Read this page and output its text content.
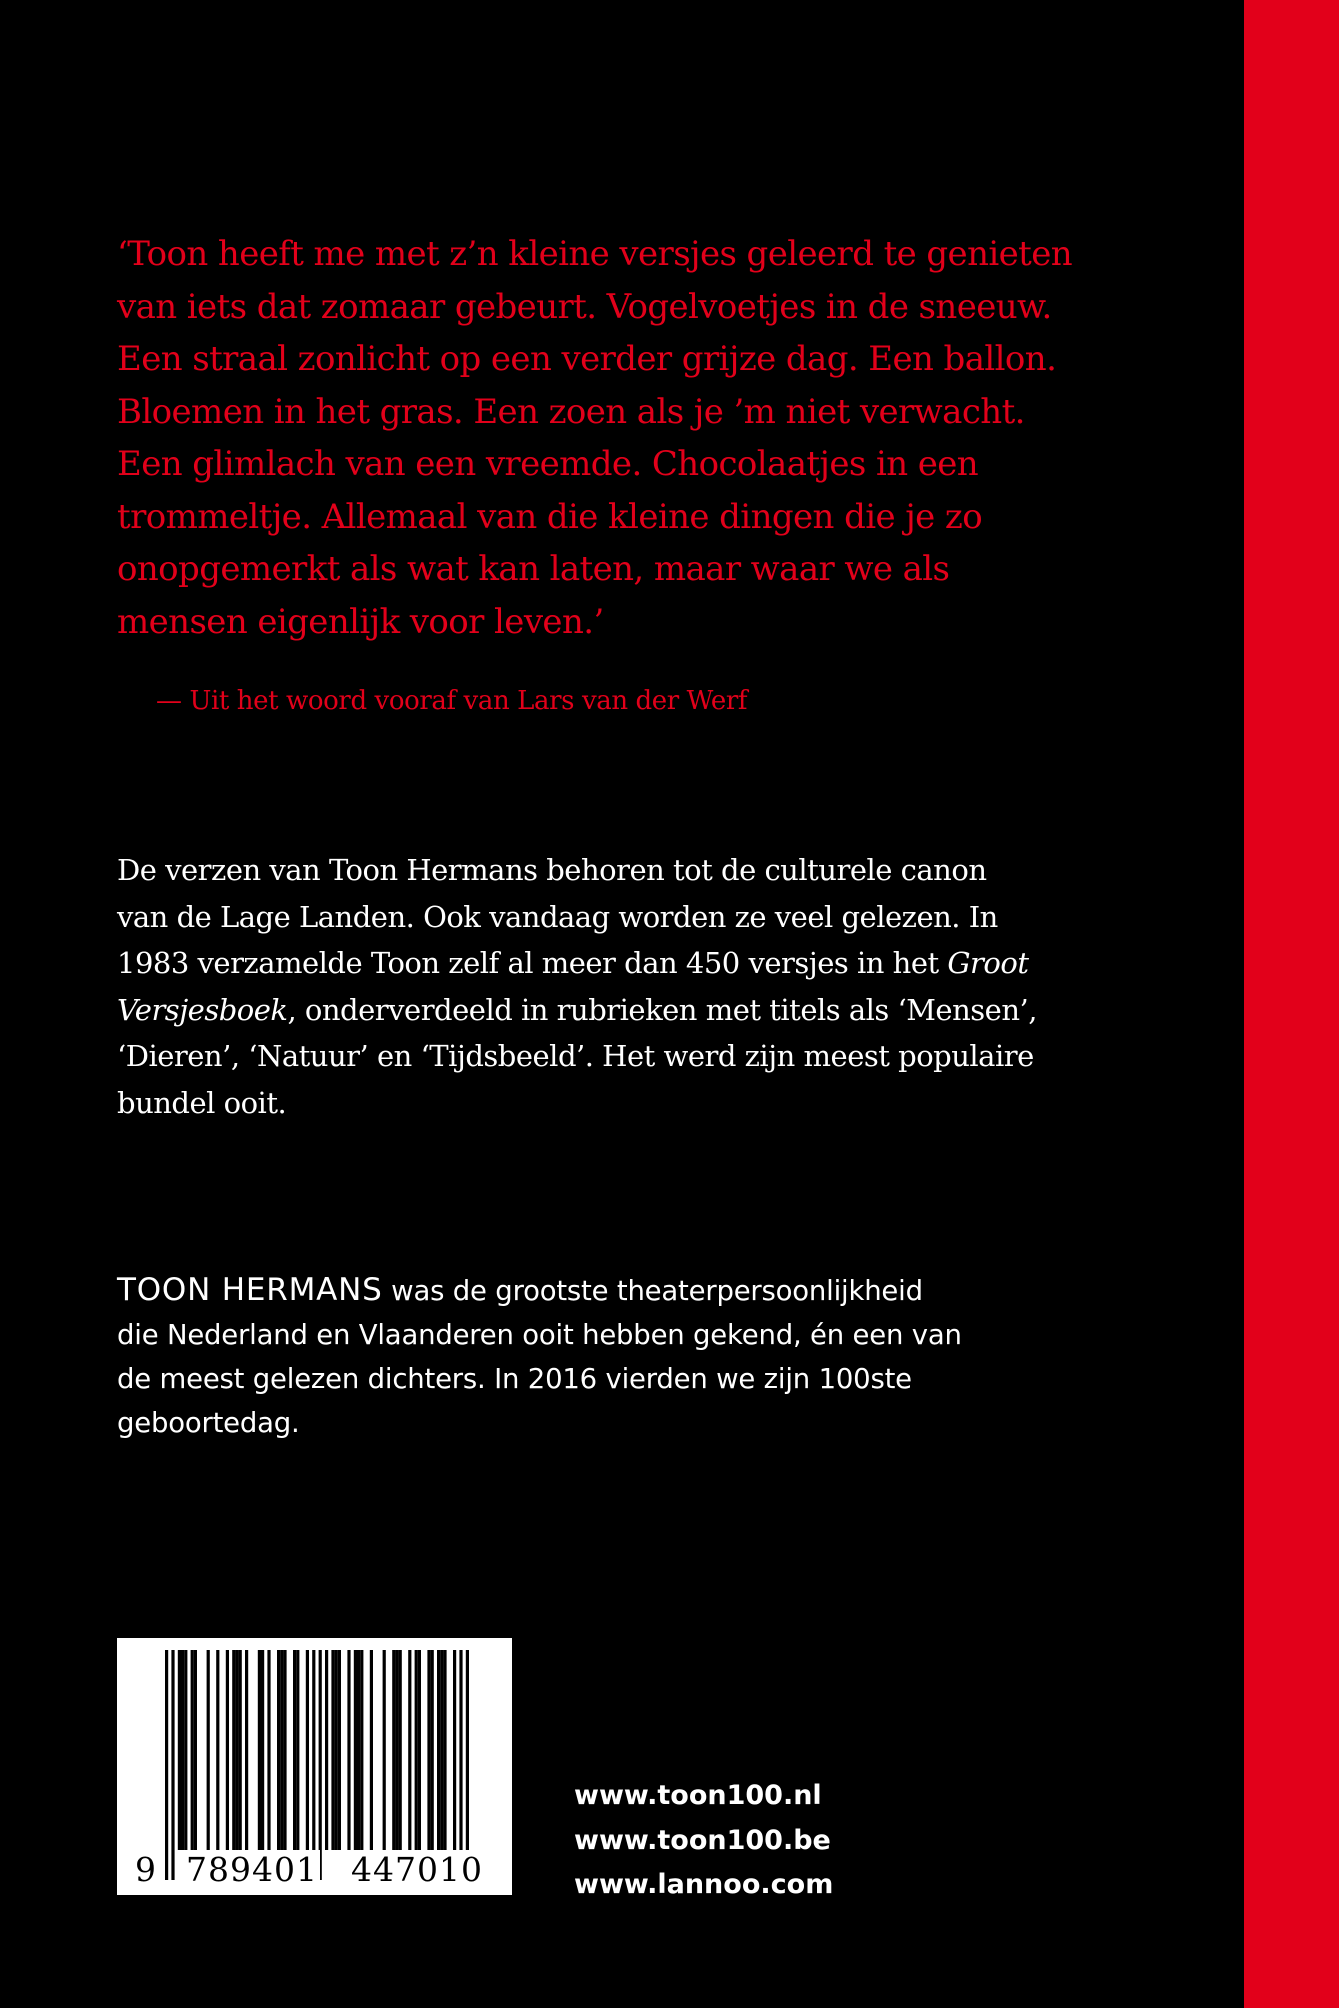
‘Toon heeft me met z’n kleine versjes geleerd te genieten
van iets dat zomaar gebeurt. Vogelvoetjes in de sneeuw.
Een straal zonlicht op een verder grijze dag. Een ballon.
Bloemen in het gras. Een zoen als je ’m niet verwacht.
Een glimlach van een vreemde. Chocolaatjes in een
trommeltje. Allemaal van die kleine dingen die je zo
onopgemerkt als wat kan laten, maar waar we als
mensen eigenlijk voor leven.’

— Uit het woord vooraf van Lars van der Werf

De verzen van Toon Hermans behoren tot de culturele canon
van de Lage Landen. Ook vandaag worden ze veel gelezen. In
1983 verzamelde Toon zelf al meer dan 450 versjes in het Groot
Versjesboek, onderverdeeld in rubrieken met titels als ‘Mensen’,
‘Dieren’, ‘Natuur’ en ‘Tijdsbeeld’. Het werd zijn meest populaire
bundel ooit.

TOON HERMANS was de grootste theaterpersoonlijkheid
die Nederland en Vlaanderen ooit hebben gekend, én een van
de meest gelezen dichters. In 2016 vierden we zijn 100ste
geboortedag.

9 789401 447010
www.toon100.nl
www.toon100.be
www.lannoo.com
